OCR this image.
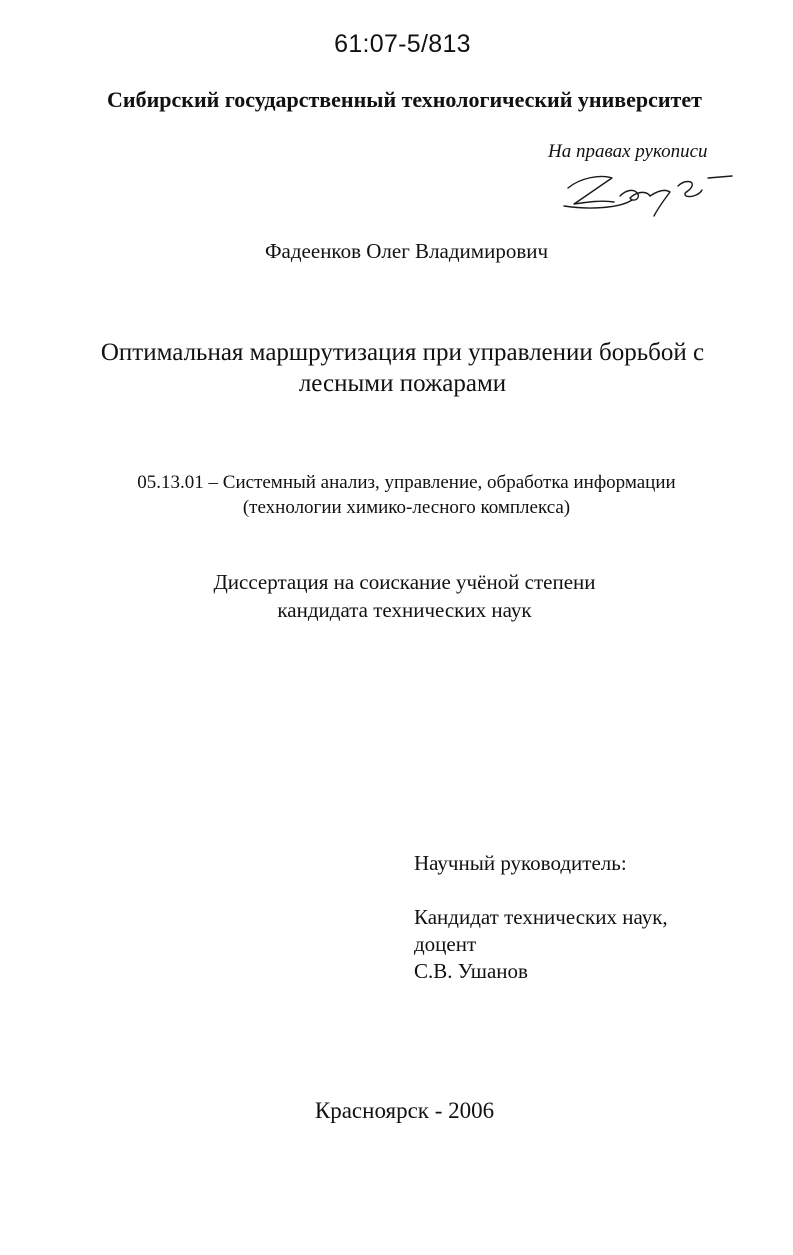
61:07-5/813
Сибирский государственный технологический университет
На правах рукописи
Фадеенков Олег Владимирович
Оптимальная маршрутизация при управлении борьбой с
лесными пожарами
05.13.01 – Системный анализ, управление, обработка информации
(технологии химико-лесного комплекса)
Диссертация на соискание учёной степени
кандидата технических наук
Научный руководитель:
Кандидат технических наук,
доцент
С.В. Ушанов
Красноярск - 2006
